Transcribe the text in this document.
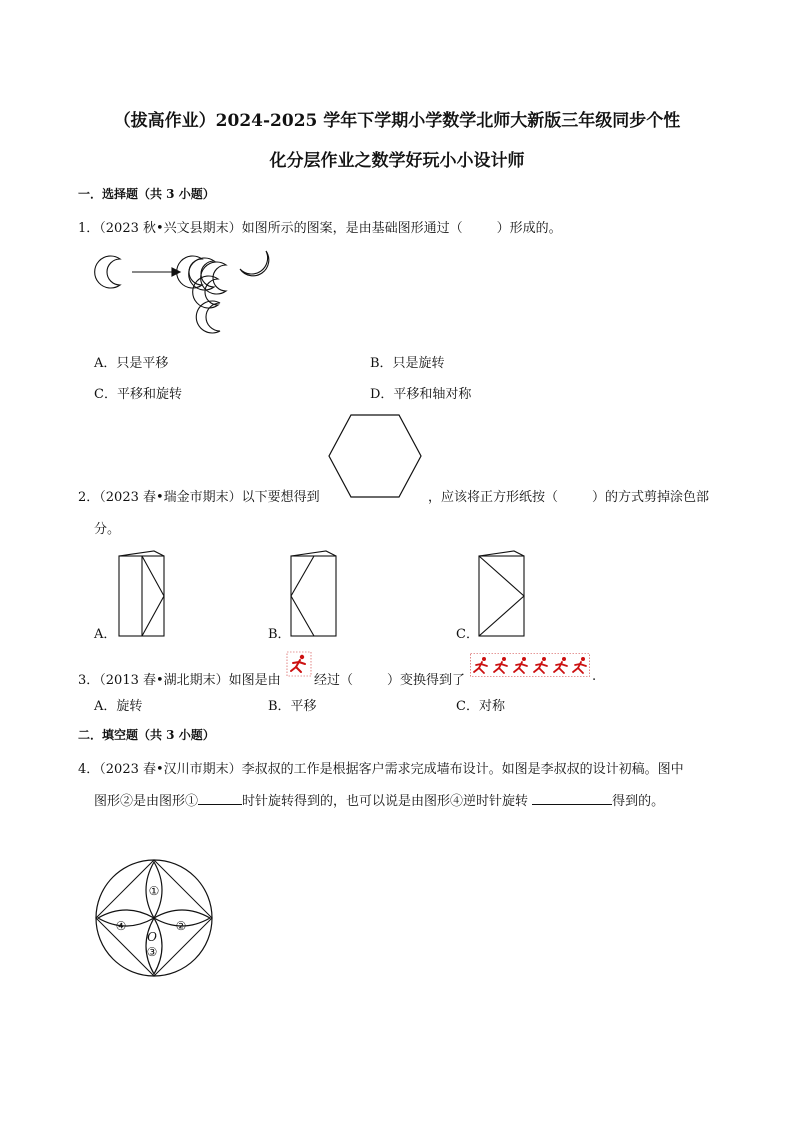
（拔高作业）2024-2025 学年下学期小学数学北师大新版三年级同步个性
化分层作业之数学好玩小小设计师
一．选择题（共 3 小题）
1．（2023 秋•兴文县期末）如图所示的图案，是由基础图形通过（	）形成的。
A．只是平移	B．只是旋转
C．平移和旋转	D．平移和轴对称
2．（2023 春•瑞金市期末）以下要想得到	，应该将正方形纸按（	）的方式剪掉涂色部
分。
A．	B．	C．
3．（2013 春•湖北期末）如图是由	经过（	）变换得到了	.
A．旋转	B．平移	C．对称
二．填空题（共 3 小题）
4．（2023 春•汉川市期末）李叔叔的工作是根据客户需求完成墙布设计。如图是李叔叔的设计初稿。图中
图形②是由图形①	时针旋转得到的，也可以说是由图形④逆时针旋转	得到的。
①
②
③
④
O
